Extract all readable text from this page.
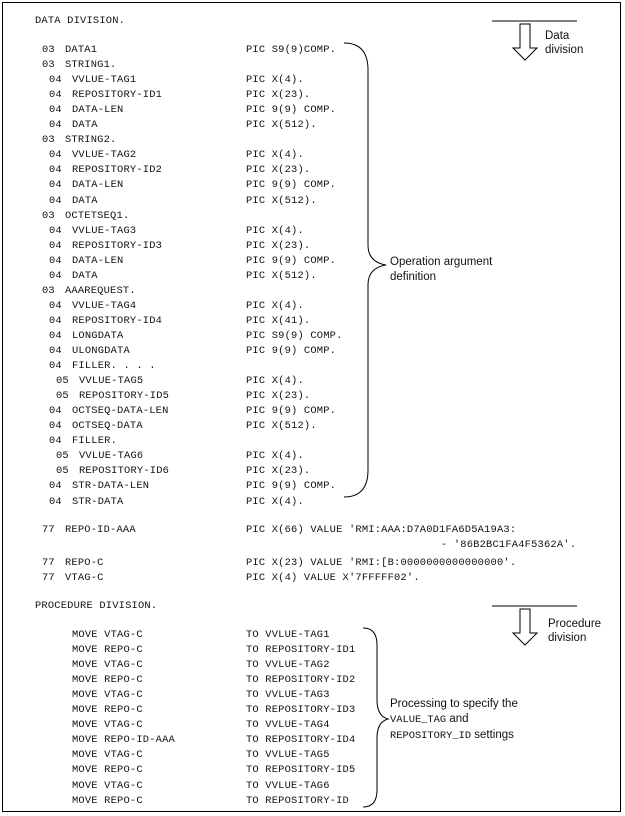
DATA DIVISION.
Data
division
03 DATA1	PIC S9(9)COMP.
03 STRING1.
04 VVLUE-TAG1	PIC X(4).
04 REPOSITORY-ID1	PIC X(23).
04 DATA-LEN	PIC 9(9) COMP.
04 DATA	PIC X(512).
03 STRING2.
04 VVLUE-TAG2	PIC X(4).
04 REPOSITORY-ID2	PIC X(23).
04 DATA-LEN	PIC 9(9) COMP.
04 DATA	PIC X(512).
03 OCTETSEQ1.
04 VVLUE-TAG3	PIC X(4).
04 REPOSITORY-ID3	PIC X(23).
04 DATA-LEN	PIC 9(9) COMP.
04 DATA	PIC X(512).
03 AAAREQUEST.
04 VVLUE-TAG4	PIC X(4).
04 REPOSITORY-ID4	PIC X(41).
04 LONGDATA	PIC S9(9) COMP.
04 ULONGDATA	PIC 9(9) COMP.
04 FILLER. . . .
05 VVLUE-TAG5	PIC X(4).
05 REPOSITORY-ID5	PIC X(23).
04 OCTSEQ-DATA-LEN	PIC 9(9) COMP.
04 OCTSEQ-DATA	PIC X(512).
04 FILLER.
05 VVLUE-TAG6	PIC X(4).
05 REPOSITORY-ID6	PIC X(23).
04 STR-DATA-LEN	PIC 9(9) COMP.
04 STR-DATA	PIC X(4).
Operation argument
definition
77 REPO-ID-AAA	PIC X(66) VALUE 'RMI:AAA:D7A0D1FA6D5A19A3:
- '86B2BC1FA4F5362A'.
77 REPO-C	PIC X(23) VALUE 'RMI:[B:0000000000000000'.
77 VTAG-C	PIC X(4) VALUE X'7FFFFF02'.
PROCEDURE DIVISION.
Procedure
division
MOVE VTAG-C	TO VVLUE-TAG1
MOVE REPO-C	TO REPOSITORY-ID1
MOVE VTAG-C	TO VVLUE-TAG2
MOVE REPO-C	TO REPOSITORY-ID2
MOVE VTAG-C	TO VVLUE-TAG3
MOVE REPO-C	TO REPOSITORY-ID3
MOVE VTAG-C	TO VVLUE-TAG4
MOVE REPO-ID-AAA	TO REPOSITORY-ID4
MOVE VTAG-C	TO VVLUE-TAG5
MOVE REPO-C	TO REPOSITORY-ID5
MOVE VTAG-C	TO VVLUE-TAG6
MOVE REPO-C	TO REPOSITORY-ID
Processing to specify the
VALUE_TAG and
REPOSITORY_ID settings
